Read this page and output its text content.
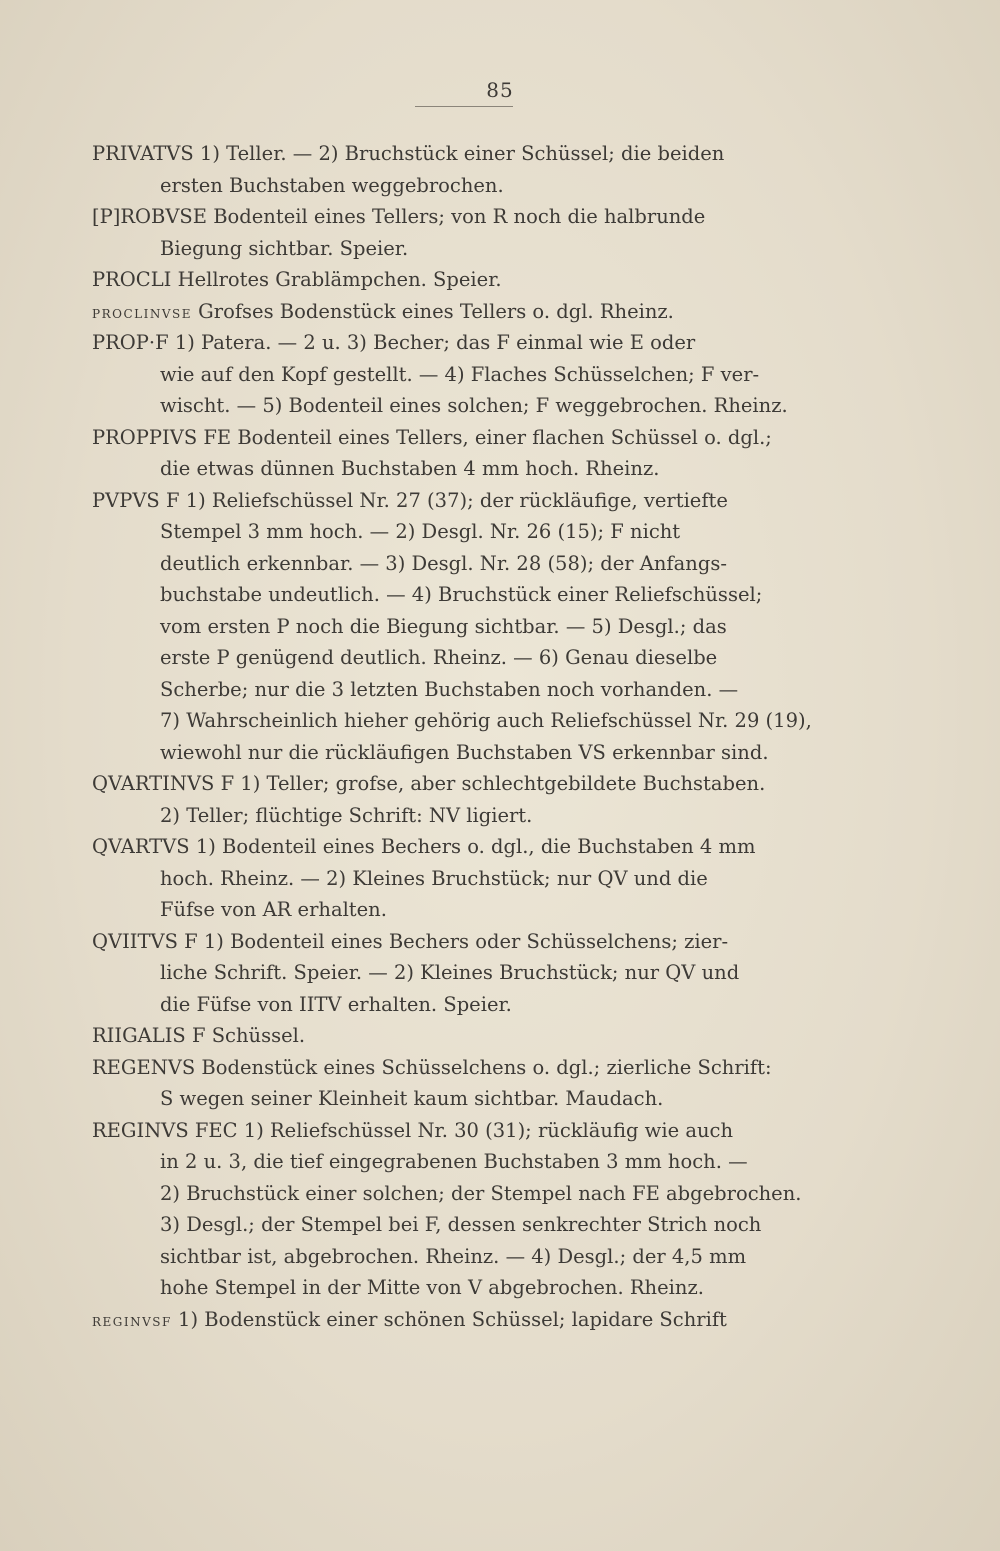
85
PRIVATVS 1) Teller. — 2) Bruchstück einer Schüssel; die beiden
ersten Buchstaben weggebrochen.
[P]ROBVSE Bodenteil eines Tellers; von R noch die halbrunde
Biegung sichtbar. Speier.
PROCLI Hellrotes Grablämpchen. Speier.
PROCLINVSE Grofses Bodenstück eines Tellers o. dgl. Rheinz.
PROP·F 1) Patera. — 2 u. 3) Becher; das F einmal wie E oder
wie auf den Kopf gestellt. — 4) Flaches Schüsselchen; F ver-
wischt. — 5) Bodenteil eines solchen; F weggebrochen. Rheinz.
PROPPIVS FE Bodenteil eines Tellers, einer flachen Schüssel o. dgl.;
die etwas dünnen Buchstaben 4 mm hoch. Rheinz.
PVPVS F 1) Reliefschüssel Nr. 27 (37); der rückläufige, vertiefte
Stempel 3 mm hoch. — 2) Desgl. Nr. 26 (15); F nicht
deutlich erkennbar. — 3) Desgl. Nr. 28 (58); der Anfangs-
buchstabe undeutlich. — 4) Bruchstück einer Reliefschüssel;
vom ersten P noch die Biegung sichtbar. — 5) Desgl.; das
erste P genügend deutlich. Rheinz. — 6) Genau dieselbe
Scherbe; nur die 3 letzten Buchstaben noch vorhanden. —
7) Wahrscheinlich hieher gehörig auch Reliefschüssel Nr. 29 (19),
wiewohl nur die rückläufigen Buchstaben VS erkennbar sind.
QVARTINVS F 1) Teller; grofse, aber schlechtgebildete Buchstaben.
2) Teller; flüchtige Schrift: NV ligiert.
QVARTVS 1) Bodenteil eines Bechers o. dgl., die Buchstaben 4 mm
hoch. Rheinz. — 2) Kleines Bruchstück; nur QV und die
Füfse von AR erhalten.
QVIITVS F 1) Bodenteil eines Bechers oder Schüsselchens; zier-
liche Schrift. Speier. — 2) Kleines Bruchstück; nur QV und
die Füfse von IITV erhalten. Speier.
RIIGALIS F Schüssel.
REGENVS Bodenstück eines Schüsselchens o. dgl.; zierliche Schrift:
S wegen seiner Kleinheit kaum sichtbar. Maudach.
REGINVS FEC 1) Reliefschüssel Nr. 30 (31); rückläufig wie auch
in 2 u. 3, die tief eingegrabenen Buchstaben 3 mm hoch. —
2) Bruchstück einer solchen; der Stempel nach FE abgebrochen.
3) Desgl.; der Stempel bei F, dessen senkrechter Strich noch
sichtbar ist, abgebrochen. Rheinz. — 4) Desgl.; der 4,5 mm
hohe Stempel in der Mitte von V abgebrochen. Rheinz.
REGINVSF 1) Bodenstück einer schönen Schüssel; lapidare Schrift
